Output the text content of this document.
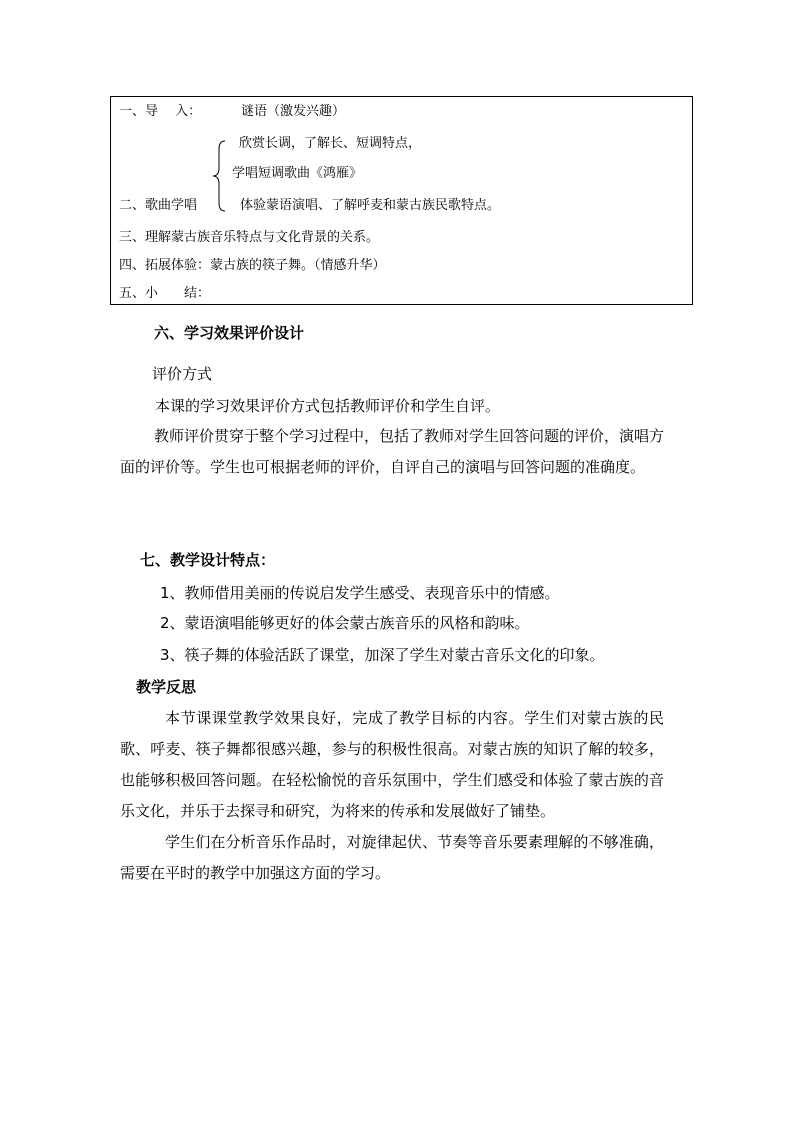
一、导　 入：	谜语（激发兴趣）
欣赏长调，了解长、短调特点，
学唱短调歌曲《鸿雁》
二、歌曲学唱	体验蒙语演唱、了解呼麦和蒙古族民歌特点。
三、理解蒙古族音乐特点与文化背景的关系。
四、拓展体验：蒙古族的筷子舞。（情感升华）
五、小　　结：
六、学习效果评价设计
评价方式
本课的学习效果评价方式包括教师评价和学生自评。
教师评价贯穿于整个学习过程中，包括了教师对学生回答问题的评价，演唱方面的评价等。学生也可根据老师的评价，自评自己的演唱与回答问题的准确度。
七、教学设计特点：
1、教师借用美丽的传说启发学生感受、表现音乐中的情感。
2、蒙语演唱能够更好的体会蒙古族音乐的风格和韵味。
3、筷子舞的体验活跃了课堂，加深了学生对蒙古音乐文化的印象。
教学反思
本节课课堂教学效果良好，完成了教学目标的内容。学生们对蒙古族的民歌、呼麦、筷子舞都很感兴趣，参与的积极性很高。对蒙古族的知识了解的较多，也能够积极回答问题。在轻松愉悦的音乐氛围中，学生们感受和体验了蒙古族的音乐文化，并乐于去探寻和研究，为将来的传承和发展做好了铺垫。
学生们在分析音乐作品时，对旋律起伏、节奏等音乐要素理解的不够准确，需要在平时的教学中加强这方面的学习。
